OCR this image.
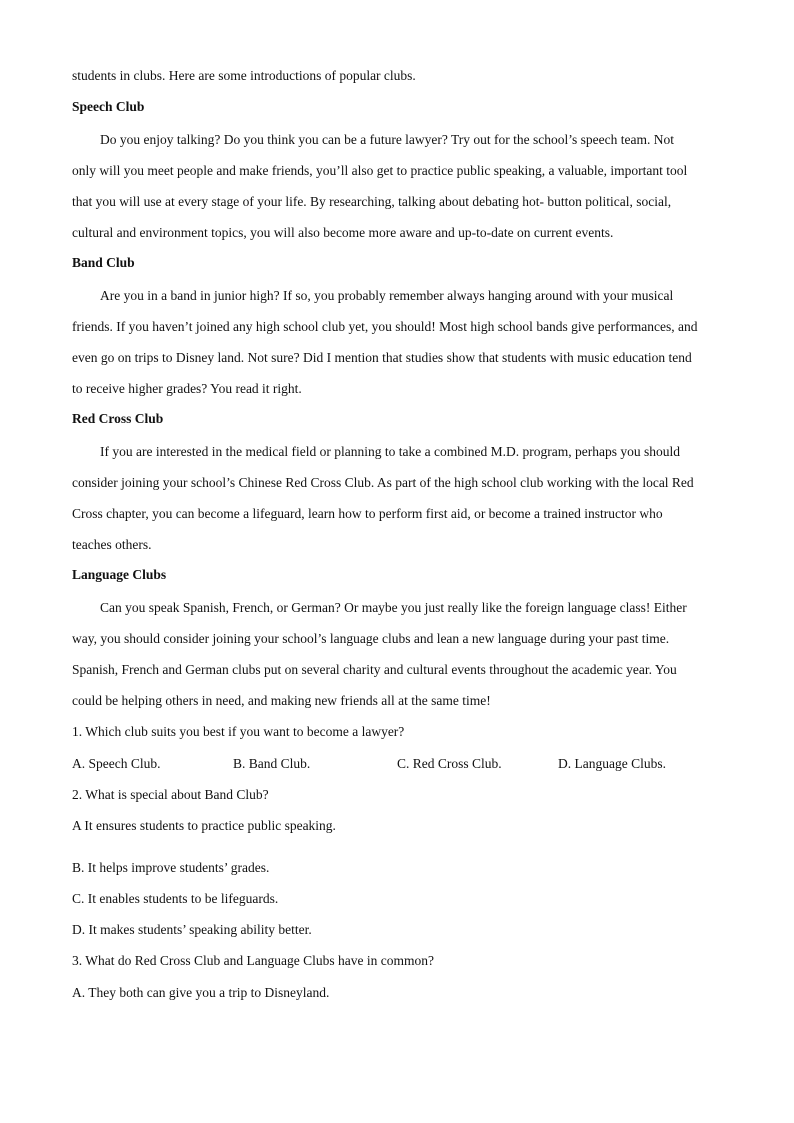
students in clubs. Here are some introductions of popular clubs.
Speech Club
Do you enjoy talking? Do you think you can be a future lawyer? Try out for the school’s speech team. Not
only will you meet people and make friends, you’ll also get to practice public speaking, a valuable, important tool
that you will use at every stage of your life. By researching, talking about debating hot- button political, social,
cultural and environment topics, you will also become more aware and up-to-date on current events.
Band Club
Are you in a band in junior high? If so, you probably remember always hanging around with your musical
friends. If you haven’t joined any high school club yet, you should! Most high school bands give performances, and
even go on trips to Disney land. Not sure? Did I mention that studies show that students with music education tend
to receive higher grades? You read it right.
Red Cross Club
If you are interested in the medical field or planning to take a combined M.D. program, perhaps you should
consider joining your school’s Chinese Red Cross Club. As part of the high school club working with the local Red
Cross chapter, you can become a lifeguard, learn how to perform first aid, or become a trained instructor who
teaches others.
Language Clubs
Can you speak Spanish, French, or German? Or maybe you just really like the foreign language class! Either
way, you should consider joining your school’s language clubs and lean a new language during your past time.
Spanish, French and German clubs put on several charity and cultural events throughout the academic year. You
could be helping others in need, and making new friends all at the same time!
1. Which club suits you best if you want to become a lawyer?
A. Speech Club.	B. Band Club.	C. Red Cross Club.	D. Language Clubs.
2. What is special about Band Club?
A It ensures students to practice public speaking.
B. It helps improve students’ grades.
C. It enables students to be lifeguards.
D. It makes students’ speaking ability better.
3. What do Red Cross Club and Language Clubs have in common?
A. They both can give you a trip to Disneyland.
